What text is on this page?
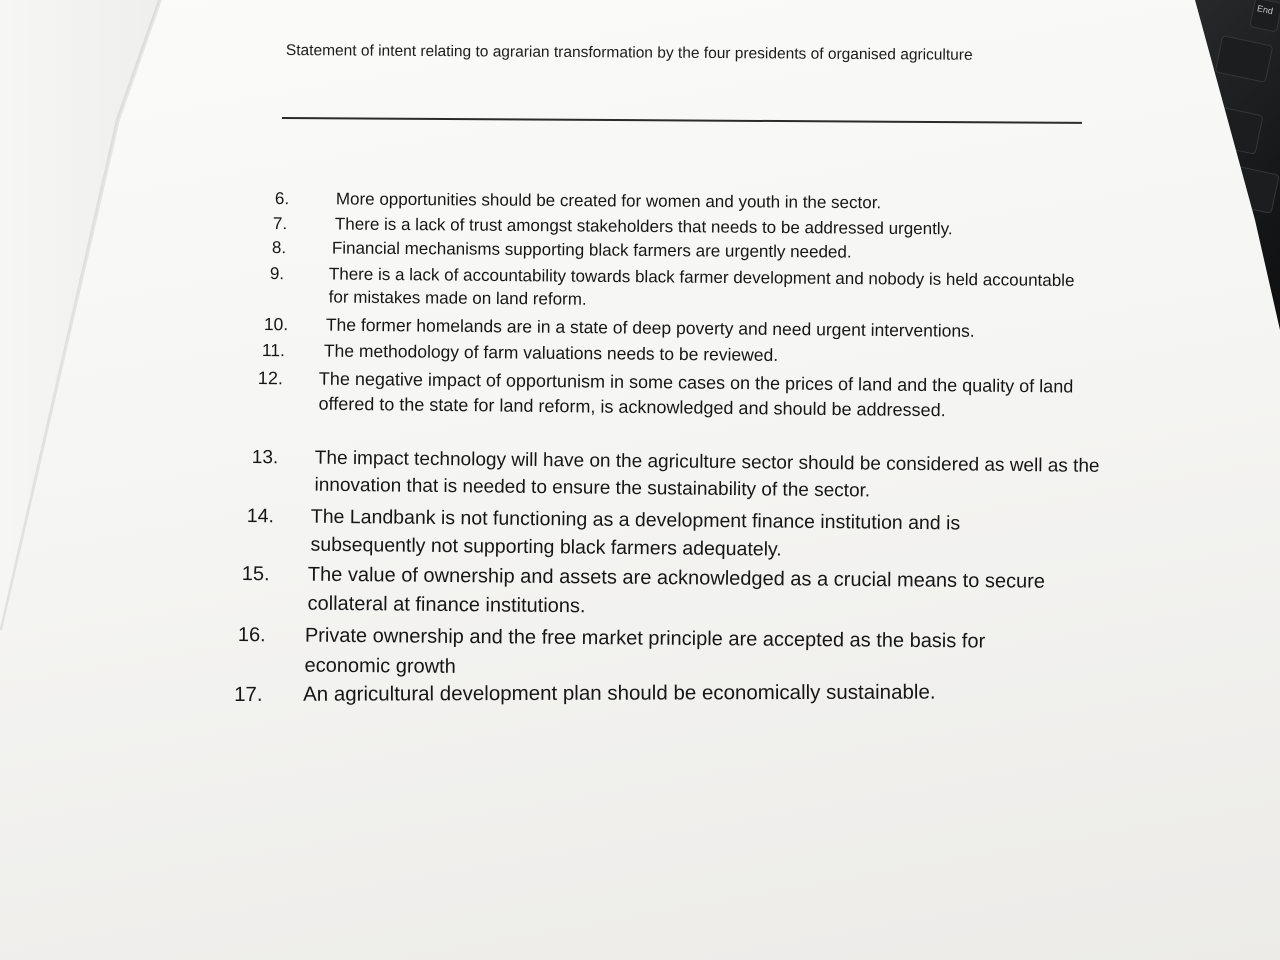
End
Statement of intent relating to agrarian transformation by the four presidents of organised agriculture
6.	More opportunities should be created for women and youth in the sector.
7.	There is a lack of trust amongst stakeholders that needs to be addressed urgently.
8.	Financial mechanisms supporting black farmers are urgently needed.
9.	There is a lack of accountability towards black farmer development and nobody is held accountable for mistakes made on land reform.
10. The former homelands are in a state of deep poverty and need urgent interventions.
11. The methodology of farm valuations needs to be reviewed.
12. The negative impact of opportunism in some cases on the prices of land and the quality of land offered to the state for land reform, is acknowledged and should be addressed.
13. The impact technology will have on the agriculture sector should be considered as well as the innovation that is needed to ensure the sustainability of the sector.
14. The Landbank is not functioning as a development finance institution and is subsequently not supporting black farmers adequately.
15. The value of ownership and assets are acknowledged as a crucial means to secure collateral at finance institutions.
16. Private ownership and the free market principle are accepted as the basis for economic growth
17. An agricultural development plan should be economically sustainable.
